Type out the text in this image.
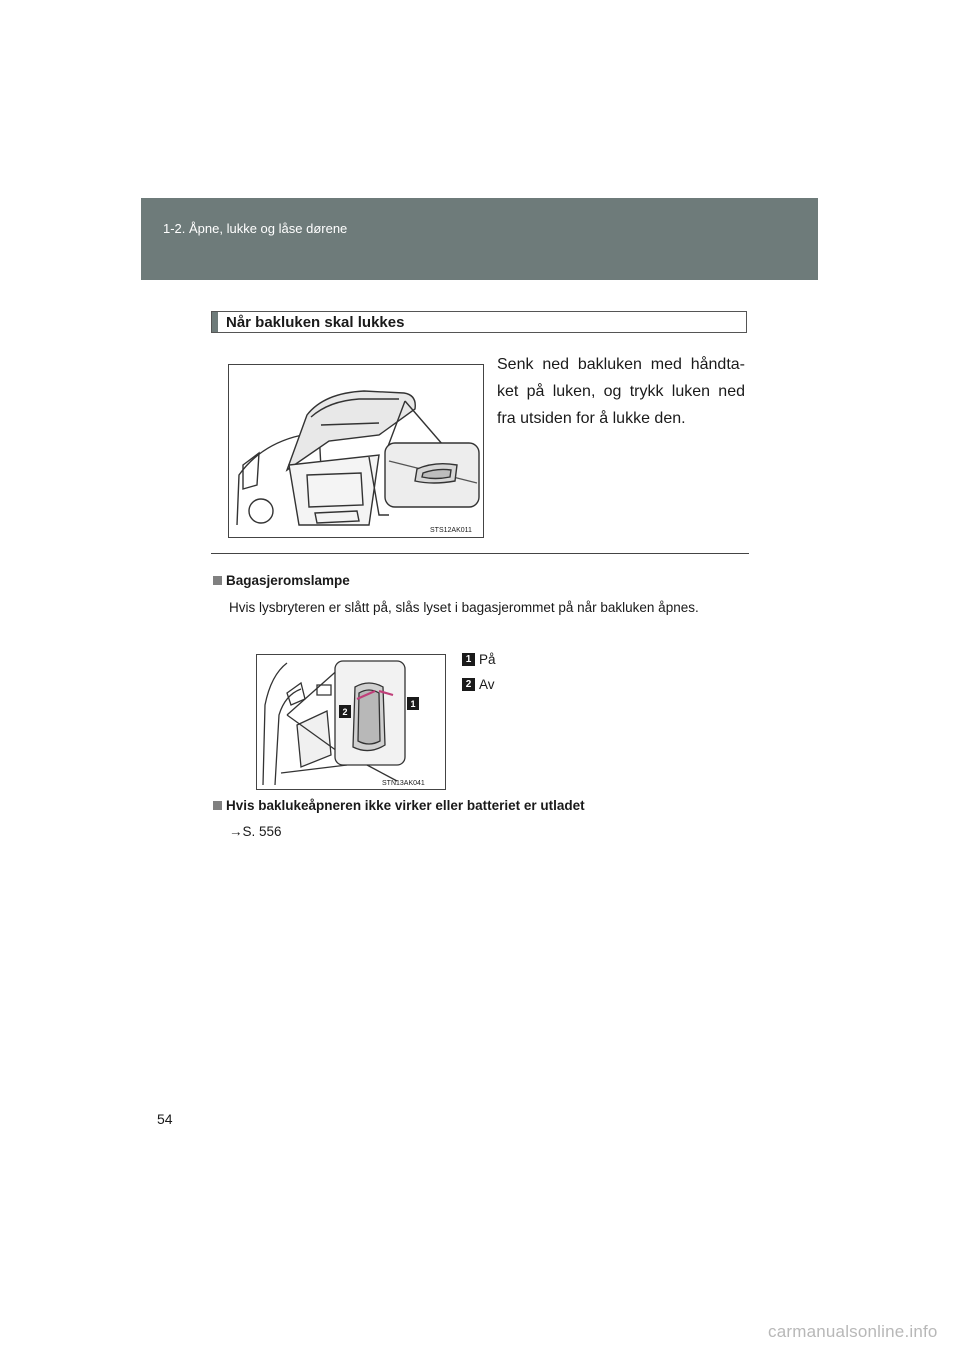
1-2. Åpne, lukke og låse dørene
Når bakluken skal lukkes
STS12AK011
Senk ned bakluken med håndta-ket på luken, og trykk luken ned fra utsiden for å lukke den.
Bagasjeromslampe
Hvis lysbryteren er slått på, slås lyset i bagasjerommet på når bakluken åpnes.
2
1
STN13AK041
1 På
2 Av
Hvis baklukeåpneren ikke virker eller batteriet er utladet
→S. 556
54
carmanualsonline.info
